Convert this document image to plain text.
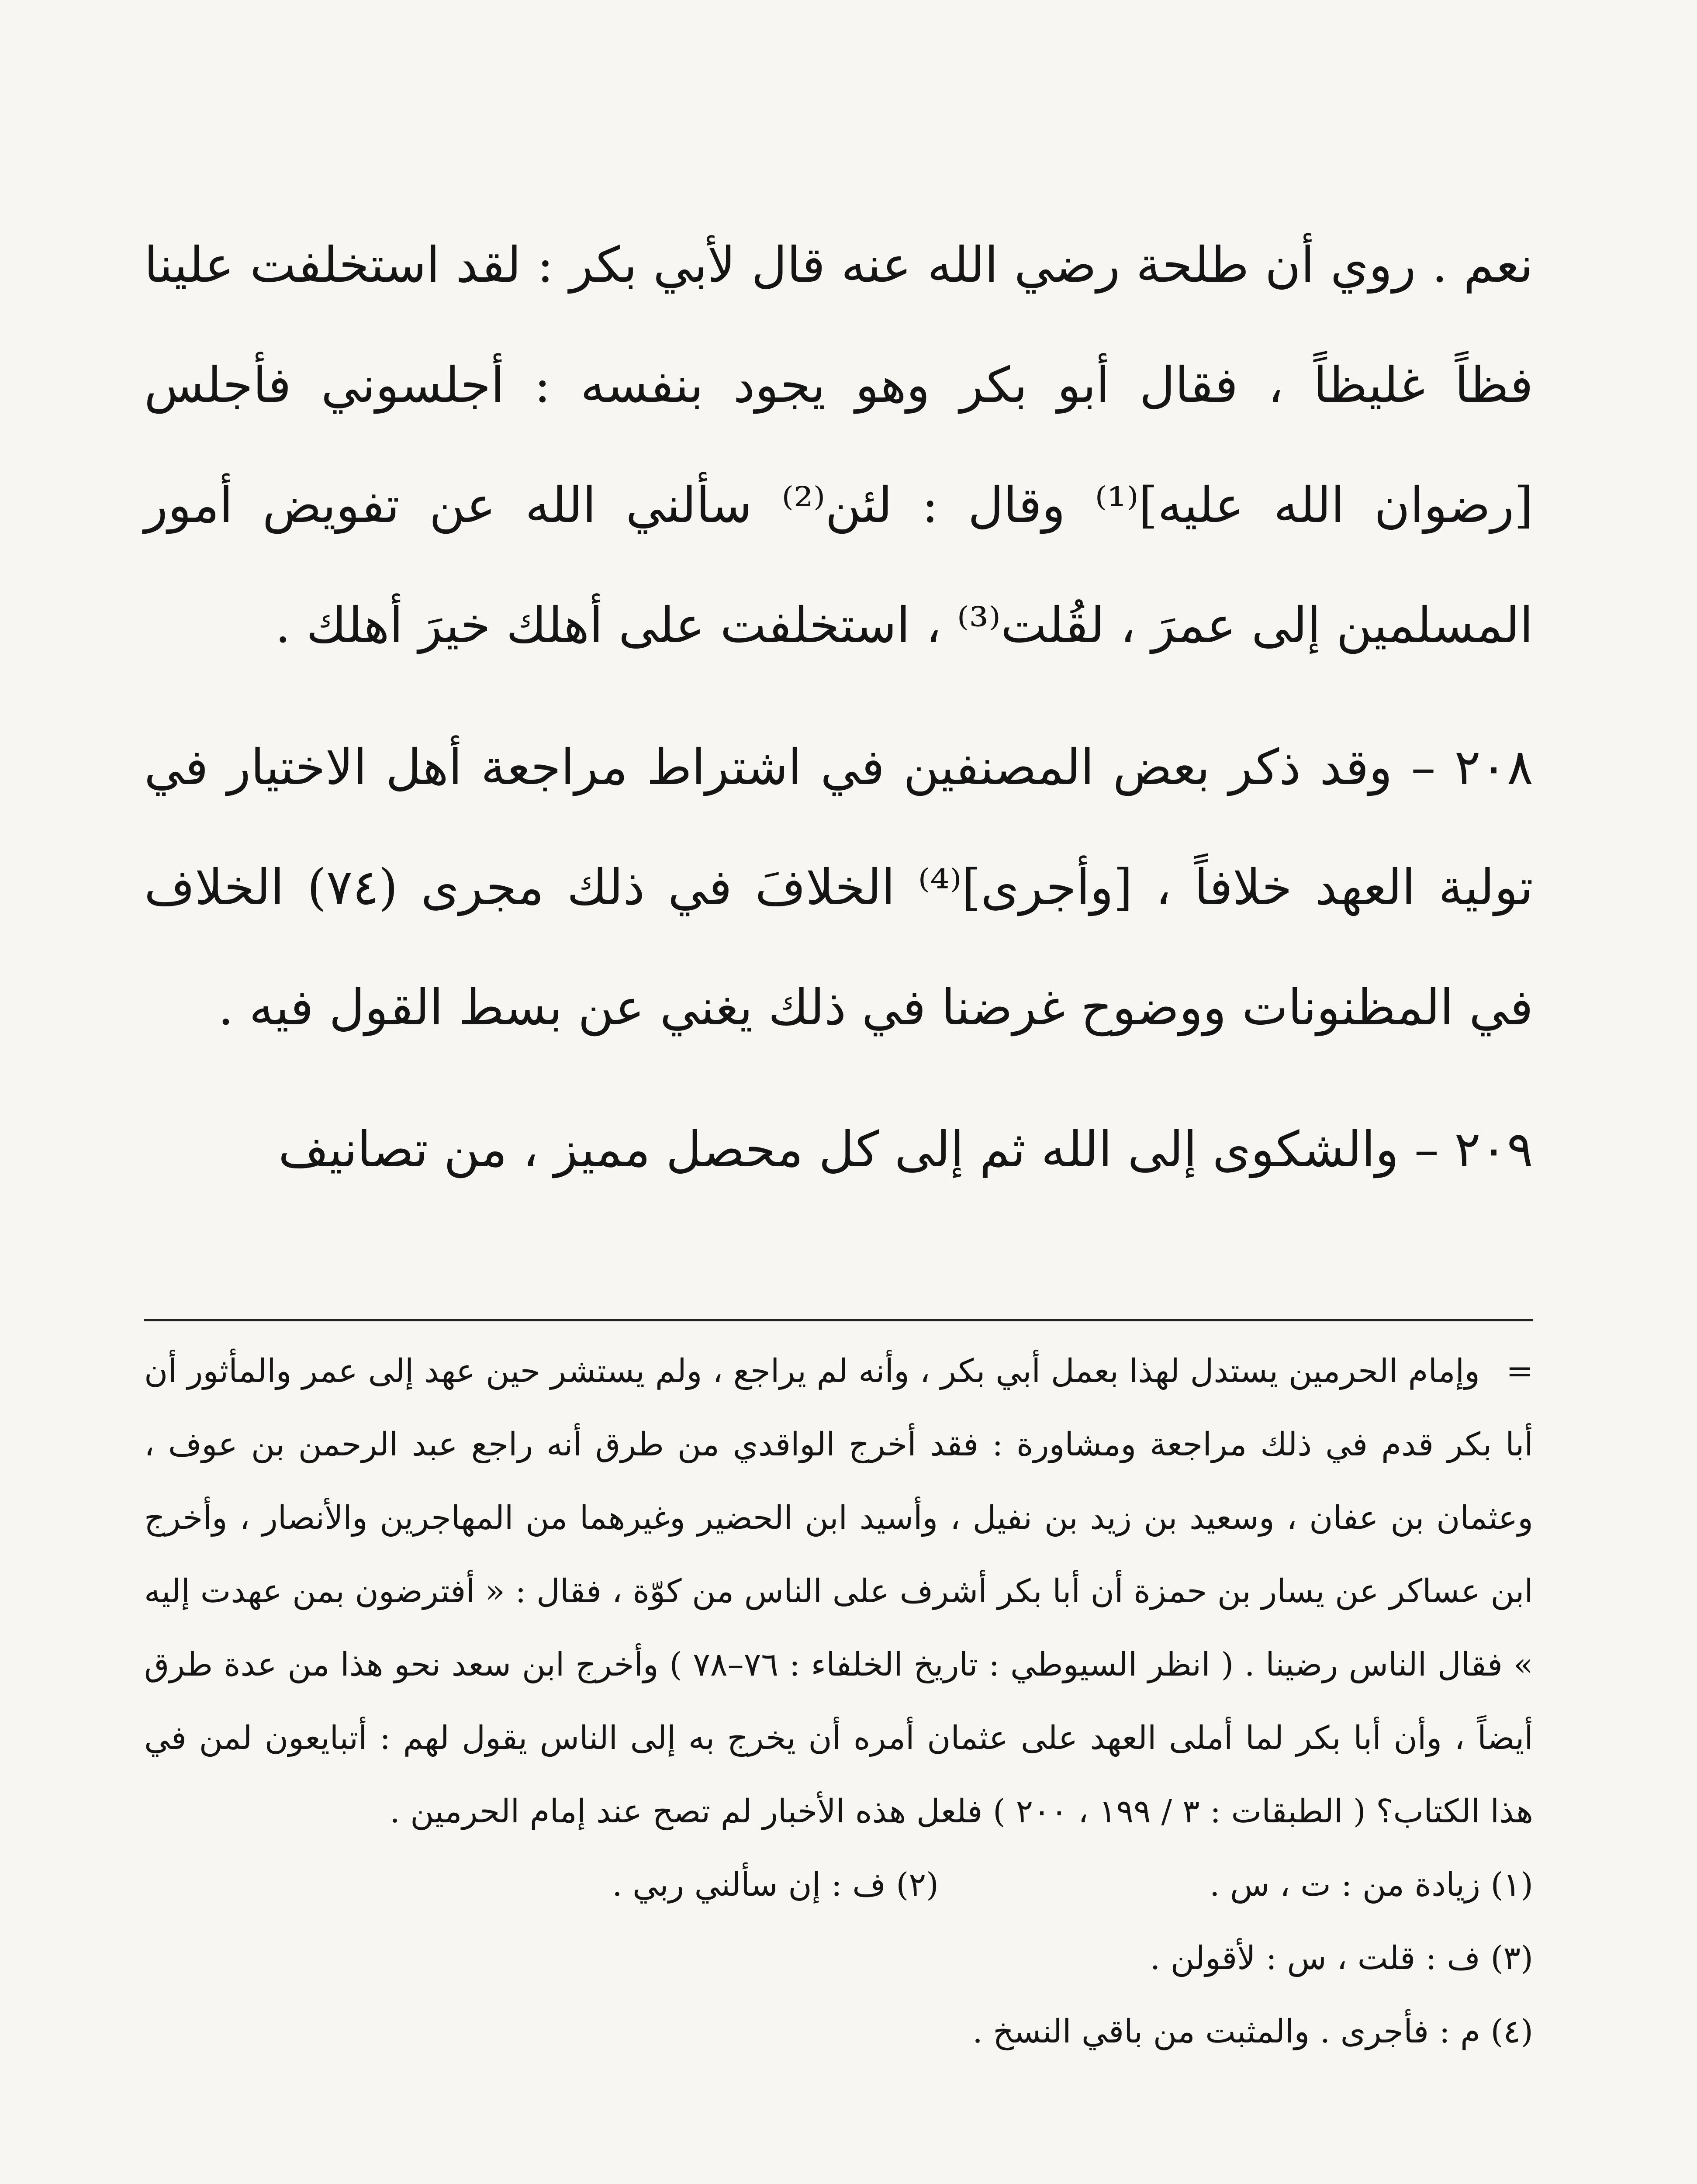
نعم . روي أن طلحة رضي الله عنه قال لأبي بكر : لقد استخلفت علينا فظاً غليظاً ، فقال أبو بكر وهو يجود بنفسه : أجلسوني فأجلس [رضوان الله عليه]⁽¹⁾ وقال : لئن⁽²⁾ سألني الله عن تفويض أمور المسلمين إلى عمرَ ، لقُلت⁽³⁾ ، استخلفت على أهلك خيرَ أهلك .

٢٠٨ – وقد ذكر بعض المصنفين في اشتراط مراجعة أهل الاختيار في تولية العهد خلافاً ، [وأجرى]⁽⁴⁾ الخلافَ في ذلك مجرى (٧٤) الخلاف في المظنونات ووضوح غرضنا في ذلك يغني عن بسط القول فيه .

٢٠٩ – والشكوى إلى الله ثم إلى كل محصل مميز ، من تصانيف

=وإمام الحرمين يستدل لهذا بعمل أبي بكر ، وأنه لم يراجع ، ولم يستشر حين عهد إلى عمر والمأثور أن أبا بكر قدم في ذلك مراجعة ومشاورة : فقد أخرج الواقدي من طرق أنه راجع عبد الرحمن بن عوف ، وعثمان بن عفان ، وسعيد بن زيد بن نفيل ، وأسيد ابن الحضير وغيرهما من المهاجرين والأنصار ، وأخرج ابن عساكر عن يسار بن حمزة أن أبا بكر أشرف على الناس من كوّة ، فقال : « أفترضون بمن عهدت إليه » فقال الناس رضينا . ( انظر السيوطي : تاريخ الخلفاء : ٧٦–٧٨ ) وأخرج ابن سعد نحو هذا من عدة طرق أيضاً ، وأن أبا بكر لما أملى العهد على عثمان أمره أن يخرج به إلى الناس يقول لهم : أتبايعون لمن في هذا الكتاب؟ ( الطبقات : ٣ / ١٩٩ ، ٢٠٠ ) فلعل هذه الأخبار لم تصح عند إمام الحرمين .

(١) زيادة من : ت ، س .
(٢) ف : إن سألني ربي .

(٣) ف : قلت ، س : لأقولن .

(٤) م : فأجرى . والمثبت من باقي النسخ .
